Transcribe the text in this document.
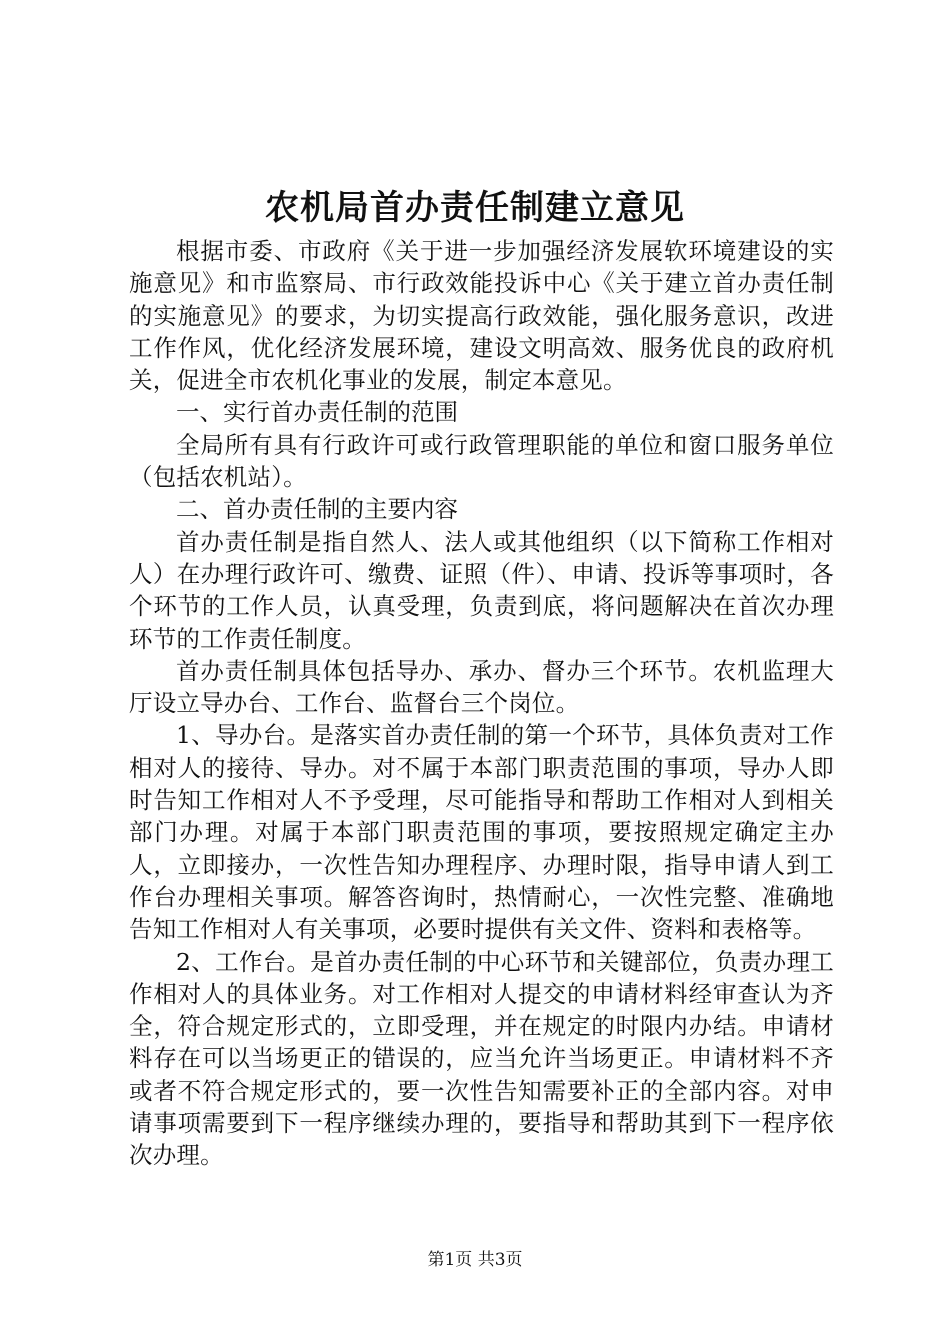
农机局首办责任制建立意见

根据市委、市政府《关于进一步加强经济发展软环境建设的实施意见》和市监察局、市行政效能投诉中心《关于建立首办责任制的实施意见》的要求，为切实提高行政效能，强化服务意识，改进工作作风，优化经济发展环境，建设文明高效、服务优良的政府机关，促进全市农机化事业的发展，制定本意见。

一、实行首办责任制的范围

全局所有具有行政许可或行政管理职能的单位和窗口服务单位（包括农机站）。

二、首办责任制的主要内容

首办责任制是指自然人、法人或其他组织（以下简称工作相对人）在办理行政许可、缴费、证照（件）、申请、投诉等事项时，各个环节的工作人员，认真受理，负责到底，将问题解决在首次办理环节的工作责任制度。

首办责任制具体包括导办、承办、督办三个环节。农机监理大厅设立导办台、工作台、监督台三个岗位。

1、导办台。是落实首办责任制的第一个环节，具体负责对工作相对人的接待、导办。对不属于本部门职责范围的事项，导办人即时告知工作相对人不予受理，尽可能指导和帮助工作相对人到相关部门办理。对属于本部门职责范围的事项，要按照规定确定主办人，立即接办，一次性告知办理程序、办理时限，指导申请人到工作台办理相关事项。解答咨询时，热情耐心，一次性完整、准确地告知工作相对人有关事项，必要时提供有关文件、资料和表格等。

2、工作台。是首办责任制的中心环节和关键部位，负责办理工作相对人的具体业务。对工作相对人提交的申请材料经审查认为齐全，符合规定形式的，立即受理，并在规定的时限内办结。申请材料存在可以当场更正的错误的，应当允许当场更正。申请材料不齐或者不符合规定形式的，要一次性告知需要补正的全部内容。对申请事项需要到下一程序继续办理的，要指导和帮助其到下一程序依次办理。

第1页 共3页
